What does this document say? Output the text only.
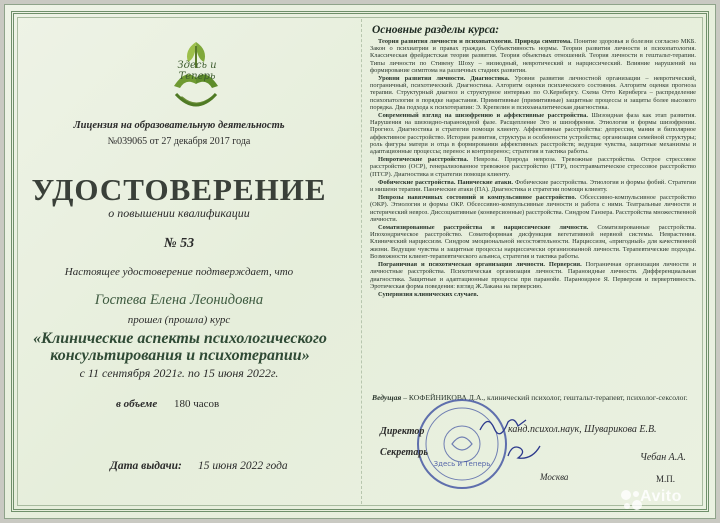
Здесь и Теперь
Лицензия на образовательную деятельность
№039065 от 27 декабря 2017 года
УДОСТОВЕРЕНИЕ
о повышении квалификации
№ 53
Настоящее удостоверение подтверждает, что
Гостева Елена Леонидовна
прошел (прошла) курс
«Клинические аспекты психологического консультирования и психотерапии»
с 11 сентября 2021г. по 15 июня 2022г.
в объеме 180 часов
Дата выдачи: 15 июня 2022 года
Основные разделы курса:

Теория развития личности и психопатология. Природа симптома. Понятие здоровья и болезни согласно МКБ. Закон о психиатрии и правах граждан. Субъективность нормы. Теории развития личности и психопатология. Классическая фрейдистская теория развития. Теория объектных отношений. Теория личности в гештальт-терапии. Типы личности по Стивену Шоху – низиодный, невротический и нарциссический. Влияние нарушений на формирование симптома на различных стадиях развития.

Уровни развития личности. Диагностика. Уровни развития личностной организации – невротический, пограничный, психотический. Диагностика. Алгоритм оценки психического состояния. Алгоритм оценки прогноза терапии. Структурный диагноз и структурное интервью по О.Кернбергу. Схема Отто Кернберга – распределение психопатологии в порядке нарастания. Примитивные (примитивные) защитные процессы и защиты более высокого порядка. Два подхода к психотерапии: Э. Крепелин и психоаналитическая диагностика.

Современный взгляд на шизофрению и аффективные расстройства. Шизоидная фаза как этап развития. Нарушения на шизоидно-параноидной фазе. Расщепление Эго и шизофрения. Этиология и формы шизофрении. Прогноз. Диагностика и стратегии помощи клиенту. Аффективные расстройства: депрессия, мания и биполярное аффективное расстройство. История развития, структура и особенности устройства; организация семейной структуры; роль фигуры матери и отца в формировании аффективных расстройств; ведущие чувства, защитные механизмы и адаптационные процессы; перенос и контрперенос; стратегия и тактика работы.

Невротические расстройства. Неврозы. Природа невроза. Тревожные расстройства. Острое стрессовое расстройство (ОСР), генерализованное тревожное расстройство (ГТР), посттравматическое стрессовое расстройство (ПТСР). Диагностика и стратегии помощи клиенту.

Фобические расстройства. Панические атаки. Фобические расстройства. Этиология и формы фобий. Стратегии и мишени терапии. Панические атаки (ПА). Диагностика и стратегии помощи клиенту.

Неврозы навязчивых состояний и компульсивное расстройство. Обсессивно-компульсивное расстройство (ОКР). Этиология и формы ОКР. Обсессивно-компульсивные личности и работа с ними. Театральные личности и истерический невроз. Диссоциативные (конверсионные) расстройства. Синдром Ганзера. Расстройства множественной личности.

Соматизированные расстройства и нарциссические личности. Соматизированные расстройства. Ипохондрическое расстройство. Соматоформная дисфункция вегетативной нервной системы. Неврастения. Клинический нарциссизм. Синдром эмоциональной несостоятельности. Нарциссизм, «пригодный» для качественной жизни. Ведущие чувства и защитные процессы нарциссически организованной личности. Терапевтические подходы. Возможности клиент-терапевтического альянса, стратегия и тактика работы.

Пограничная и психотическая организация личности. Перверсия. Пограничная организация личности и личностные расстройства. Психотическая организация личности. Параноидные личности. Дифференциальная диагностика. Защитные и адаптационные процессы при паранойе. Параноидное Я. Перверсия и первертивность. Эротическая форма поведения: взгляд Ж.Лакана на перверсию.

Супервизия клинических случаев.

Ведущая – КОФЕЙНИКОВА Д.А., клинический психолог, гештальт-терапевт, психолог-сексолог.
Здесь и Теперь
Директор	канд.психол.наук, Шуварикова Е.В.
Секретарь	Чебан А.А.
Москва	М.П.
Avito
